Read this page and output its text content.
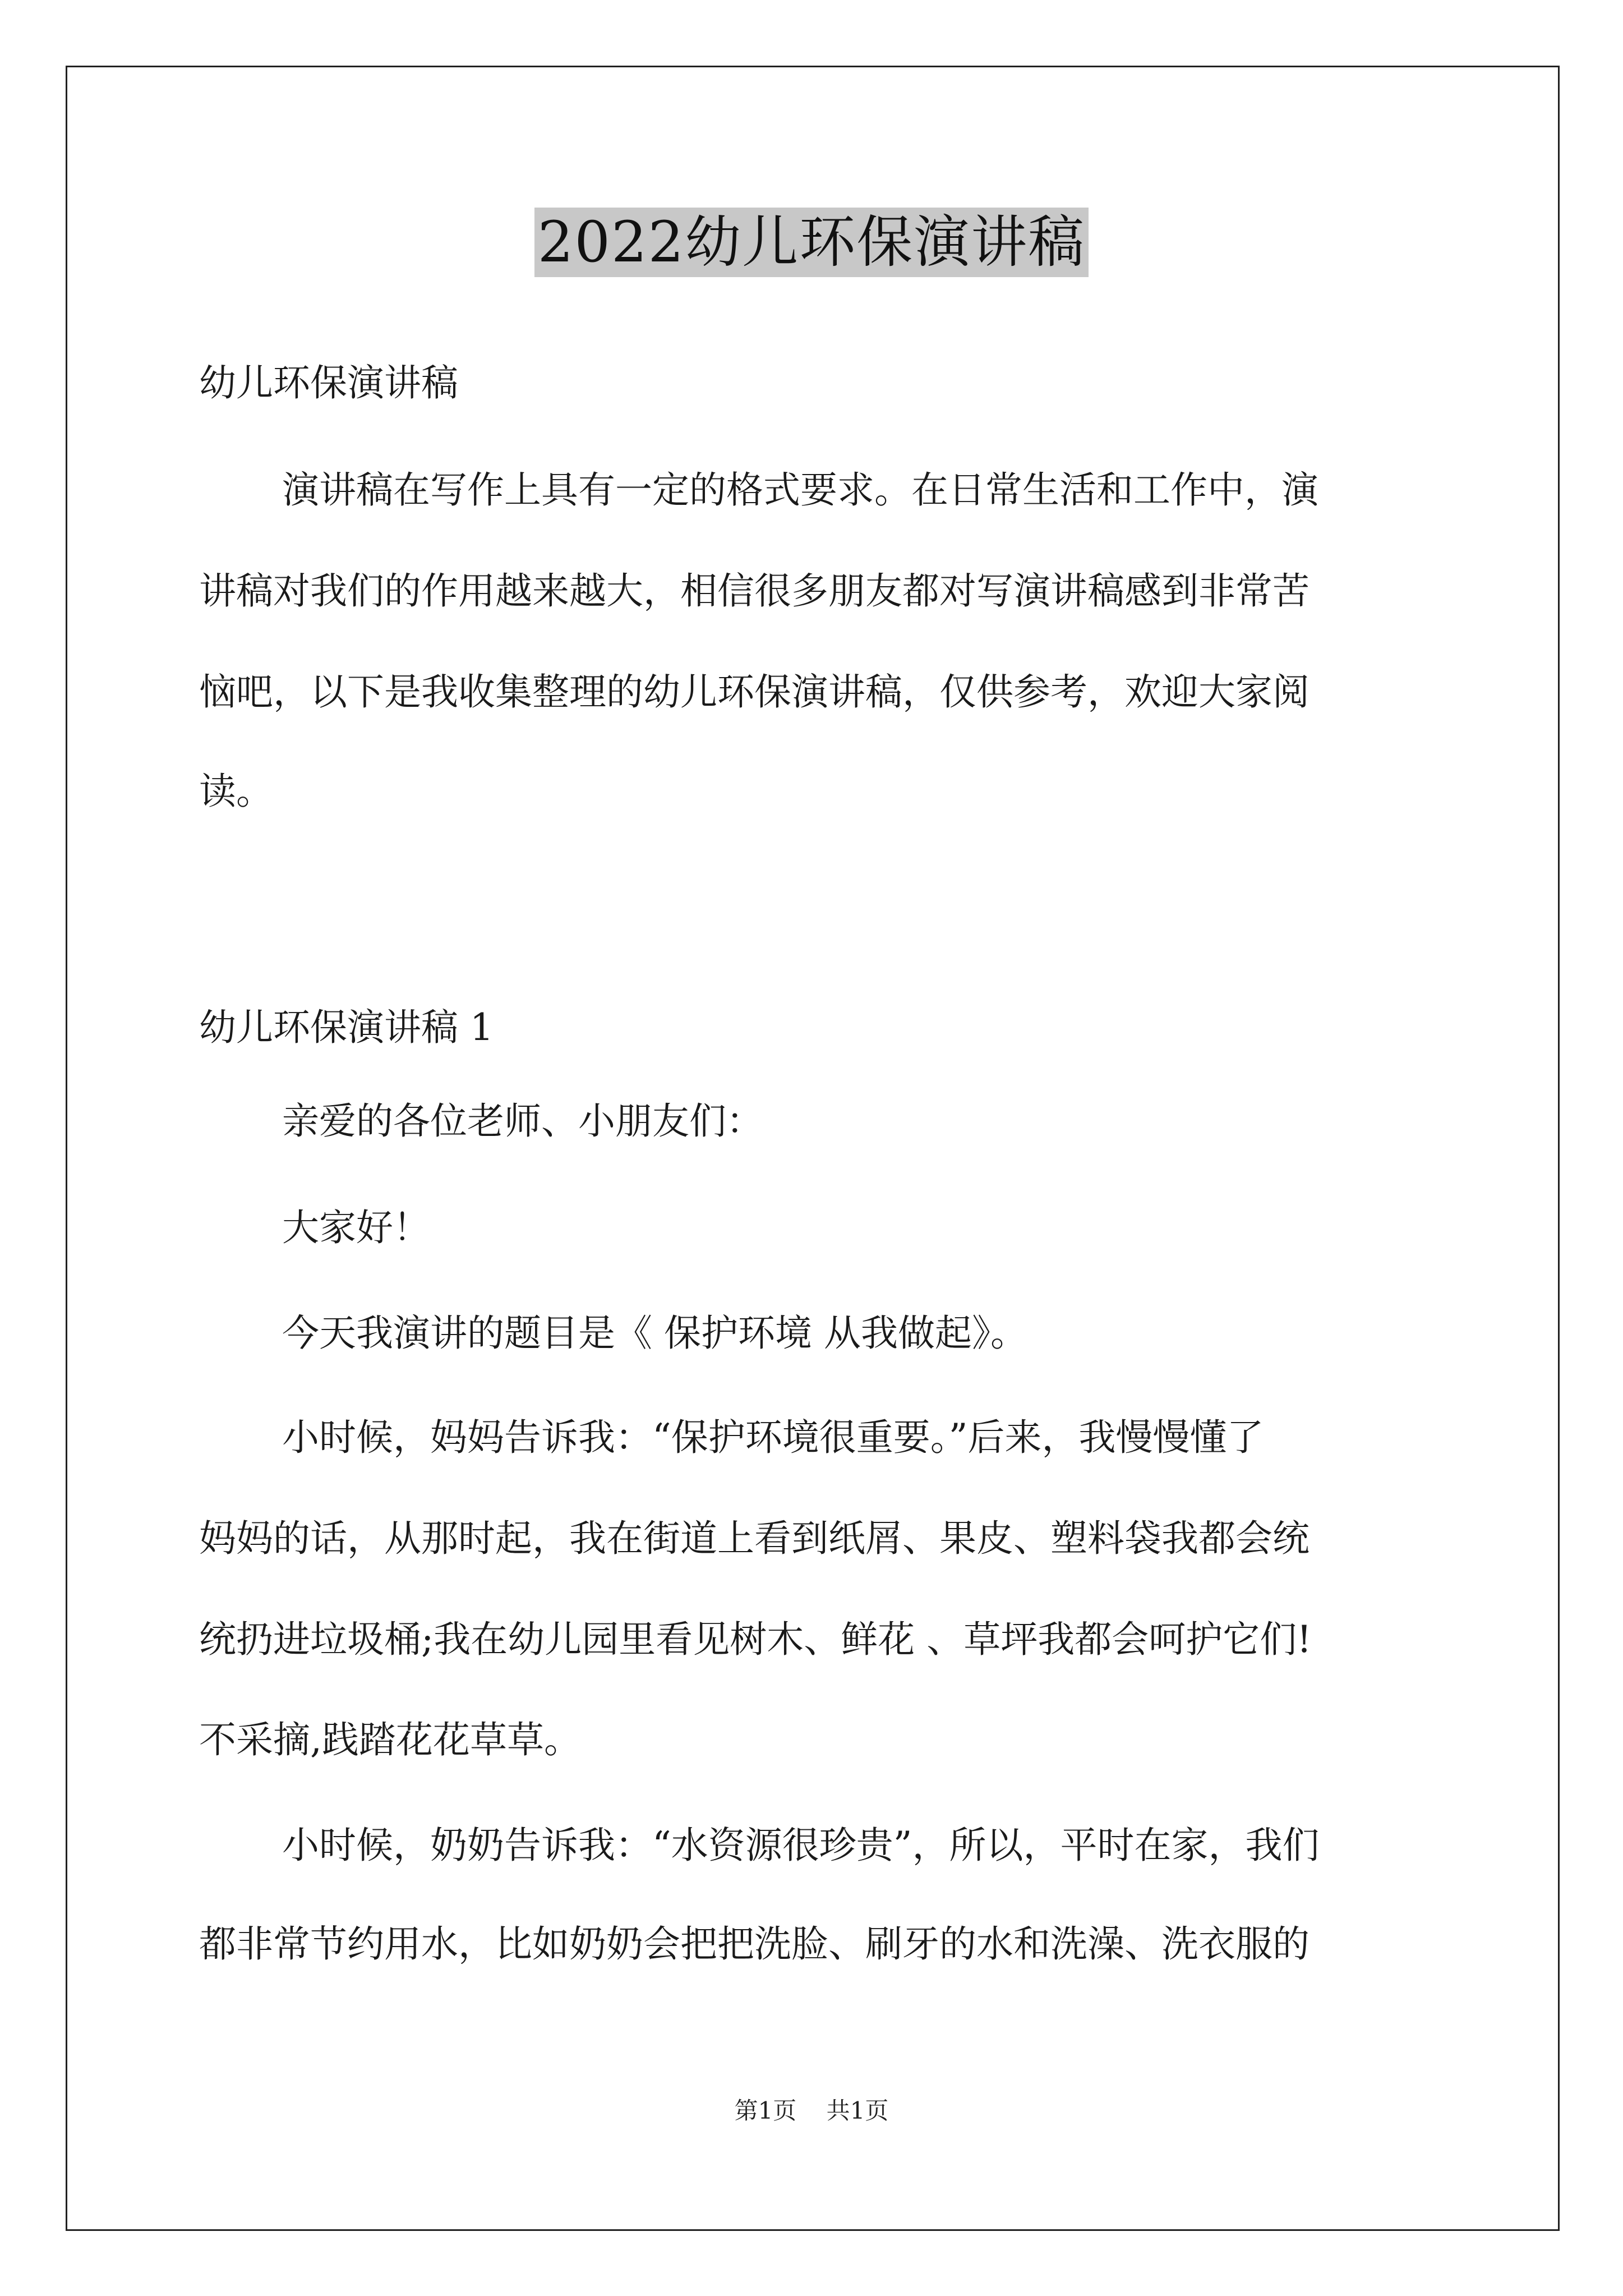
2022幼儿环保演讲稿
幼儿环保演讲稿
演讲稿在写作上具有一定的格式要求。在日常生活和工作中，演
讲稿对我们的作用越来越大，相信很多朋友都对写演讲稿感到非常苦
恼吧，以下是我收集整理的幼儿环保演讲稿，仅供参考，欢迎大家阅
读。
幼儿环保演讲稿 1
亲爱的各位老师、小朋友们：
大家好！
今天我演讲的题目是《 保护环境 从我做起》。
小时候，妈妈告诉我：“保护环境很重要。”后来，我慢慢懂了
妈妈的话，从那时起，我在街道上看到纸屑、果皮、塑料袋我都会统
统扔进垃圾桶;我在幼儿园里看见树木、鲜花 、草坪我都会呵护它们!
不采摘,践踏花花草草。
小时候，奶奶告诉我：“水资源很珍贵”，所以，平时在家，我们
都非常节约用水，比如奶奶会把把洗脸、刷牙的水和洗澡、洗衣服的
第1页 共1页
